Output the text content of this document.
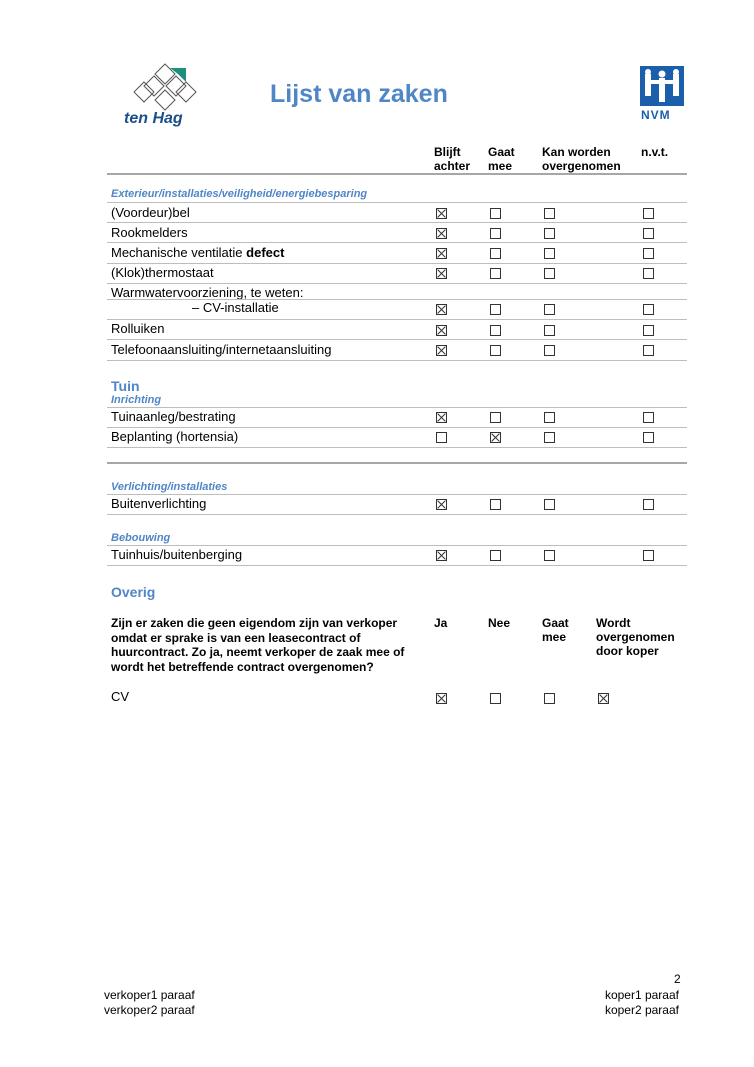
ten Hag
Lijst van zaken
NVM
Blijft
achter
Gaat
mee
Kan worden
overgenomen
n.v.t.
Exterieur/installaties/veiligheid/energiebesparing
(Voordeur)bel
Rookmelders
Mechanische ventilatie defect
(Klok)thermostaat
Warmwatervoorziening, te weten:
– CV-installatie
Rolluiken
Telefoonaansluiting/internetaansluiting
Tuin
Inrichting
Tuinaanleg/bestrating
Beplanting (hortensia)
Verlichting/installaties
Buitenverlichting
Bebouwing
Tuinhuis/buitenberging
Overig
Zijn er zaken die geen eigendom zijn van verkoper omdat er sprake is van een leasecontract of huurcontract. Zo ja, neemt verkoper de zaak mee of wordt het betreffende contract overgenomen?
Ja	Nee	Gaat
mee
Wordt
overgenomen
door koper
CV
2
verkoper1 paraaf
verkoper2 paraaf
koper1 paraaf
koper2 paraaf
